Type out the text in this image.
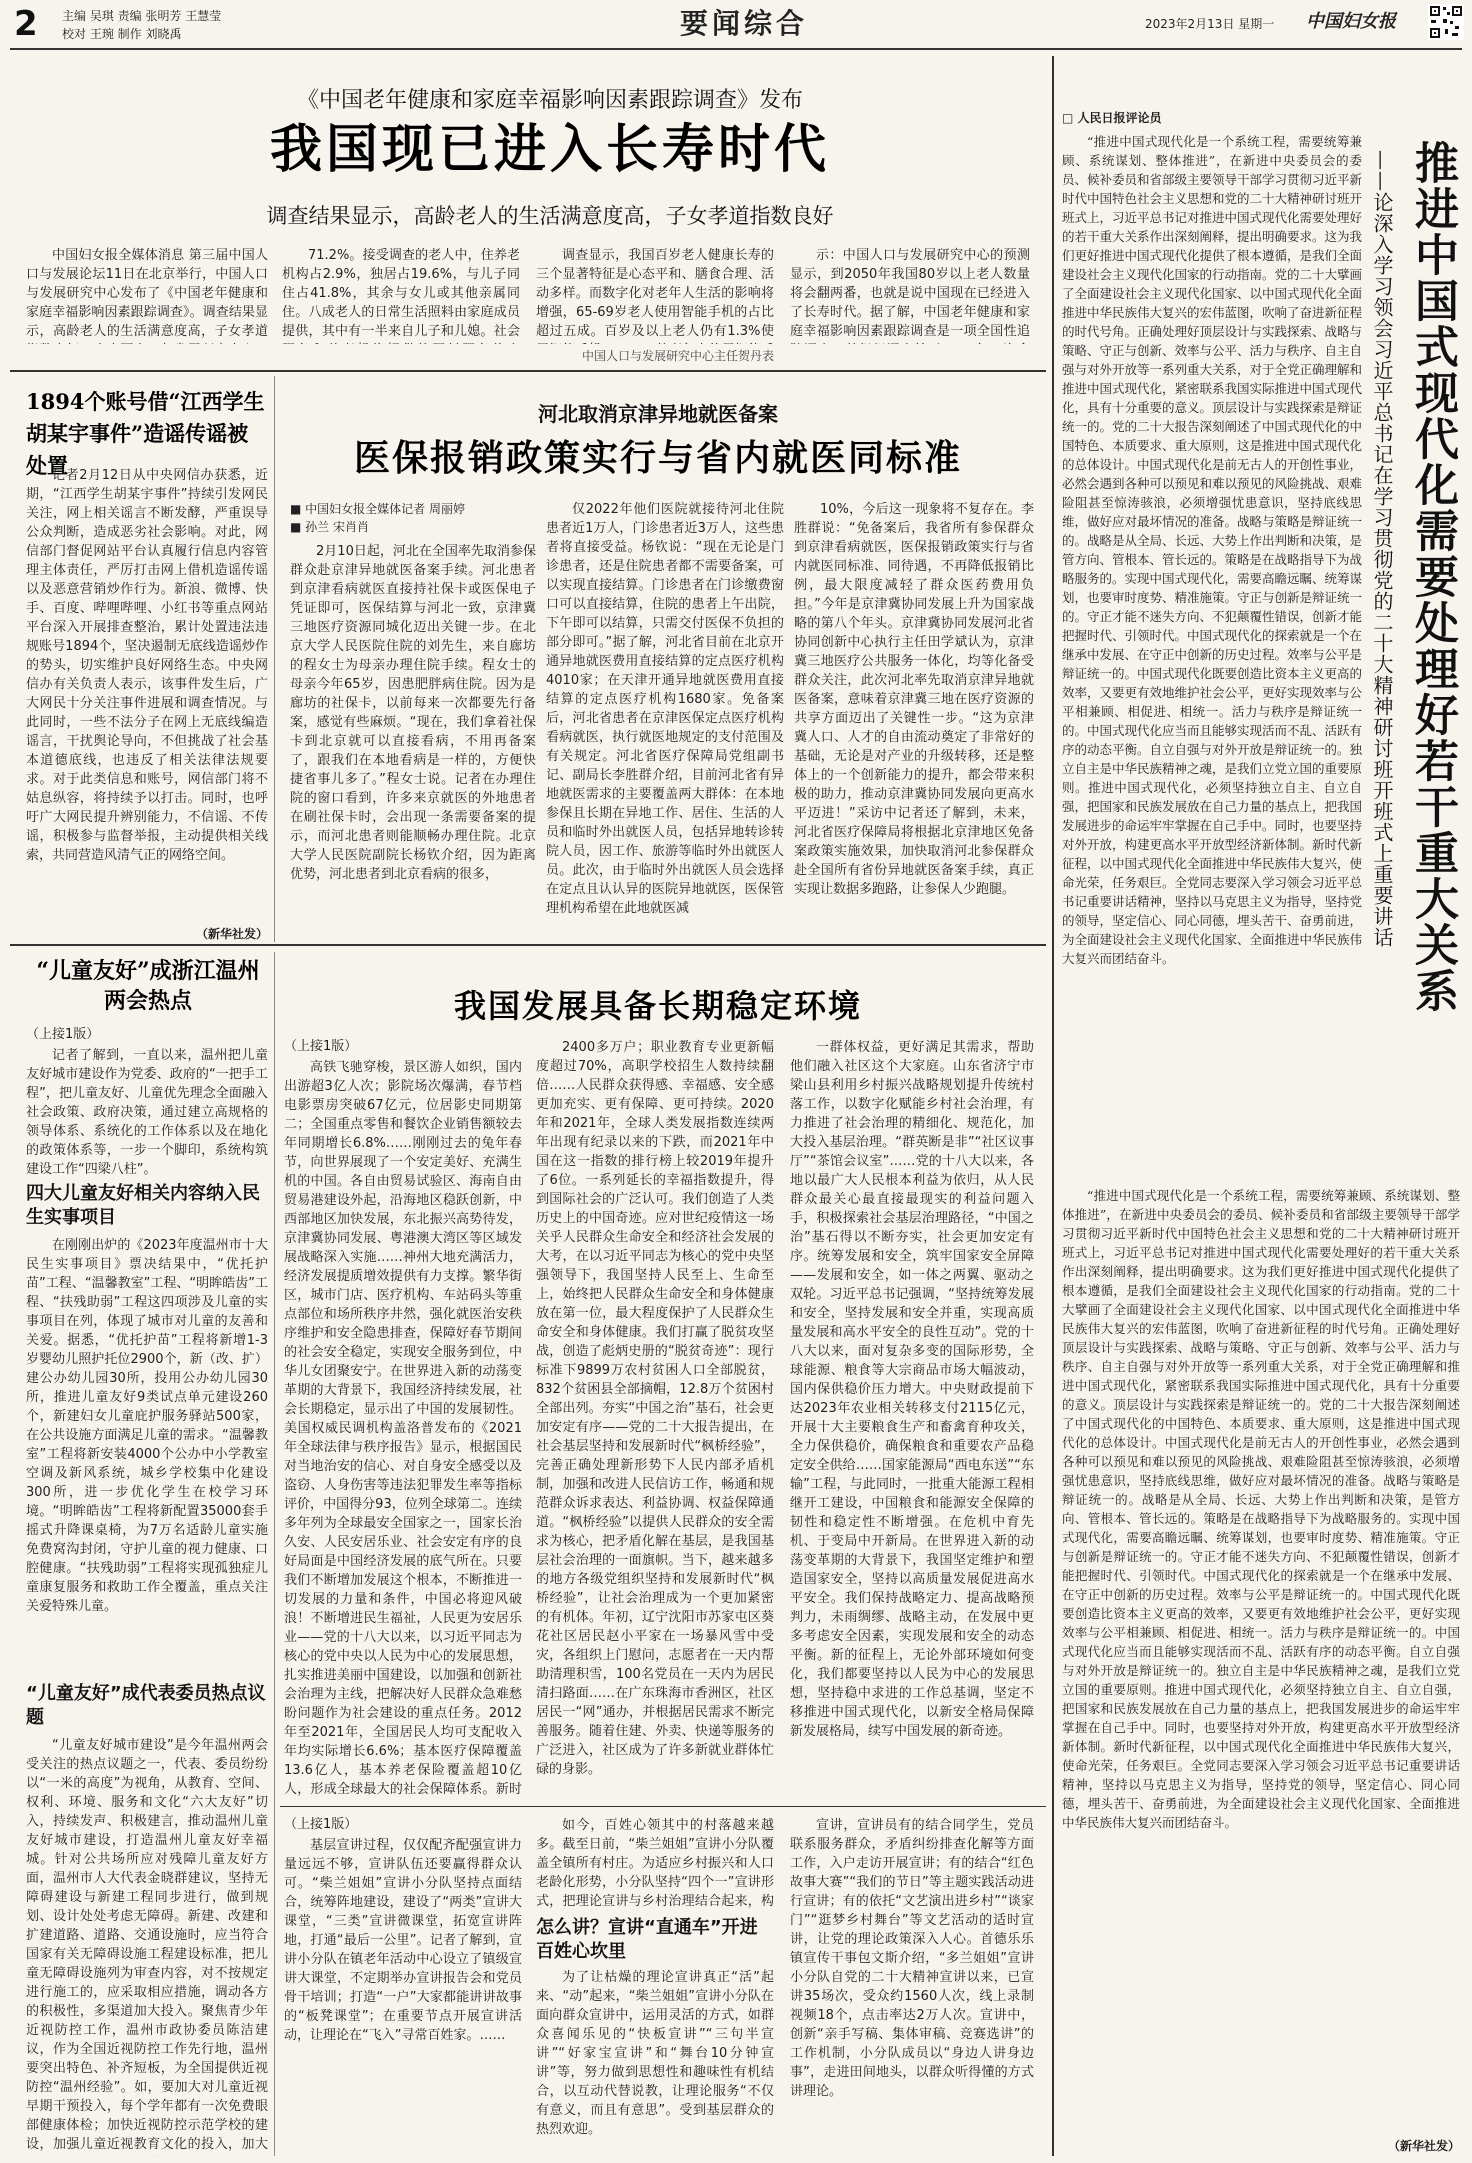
2	主编 吴琪 责编 张明芳 王慧莹
校对 王琬 制作 刘晓禹	要闻综合	2023年2月13日 星期一	中国妇女报
《中国老年健康和家庭幸福影响因素跟踪调查》发布
我国现已进入长寿时代
调查结果显示，高龄老人的生活满意度高，子女孝道指数良好

中国妇女报全媒体消息 第三届中国人口与发展论坛11日在北京举行，中国人口与发展研究中心发布了《中国老年健康和家庭幸福影响因素跟踪调查》。调查结果显示，高龄老人的生活满意度高，子女孝道

71.2%。接受调查的老人中，住养老机构占2.9%，独居占19.6%，与儿子同住占41.8%，其余与女儿或其他亲属同住。八成老人的日常生活照料由家庭成员提供，其中有一半来自儿子和儿媳。社会

调查显示，我国百岁老人健康长寿的三个显著特征是心态平和、膳食合理、活动多样。而数字化对老年人生活的影响将增强，65-69岁老人使用智能手机的占比超过五成。百岁及以上老人仍有1.3%使

示：中国人口与发展研究中心的预测显示，到2050年我国80岁以上老人数量将会翻两番，也就是说中国现在已经进入了长寿时代。据了解，中国老年健康和家庭幸福影响因素跟踪调查是一项全国性追

中国人口与发展研究中心主任贺丹表
1894个账号借“江西学生胡某宇事件”造谣传谣被处置

记者2月12日从中央网信办获悉，近期，“江西学生胡某宇事件”持续引发网民关注，网上相关谣言不断发酵，严重误导公众判断，造成恶劣社会影响。对此，网信部门督促网站平台认真履行信息内容管理主体责任，严厉打击网上借机造谣传谣以及恶意营销炒作行为。新浪、微博、快手、百度、哔哩哔哩、小红书等重点网站平台深入开展排查整治，累计处置违法违规账号1894个，坚决遏制无底线造谣炒作的势头，切实维护良好网络生态。中央网信办有关负责人表示，该事件发生后，广大网民十分关注事件进展和调查情况。与此同时，一些不法分子在网上无底线编造谣言，干扰舆论导向，不但挑战了社会基本道德底线，也违反了相关法律法规要求。对于此类信息和账号，网信部门将不姑息纵容，将持续予以打击。同时，也呼吁广大网民提升辨别能力，不信谣、不传谣，积极参与监督举报，主动提供相关线索，共同营造风清气正的网络空间。

（新华社发）
河北取消京津异地就医备案
医保报销政策实行与省内就医同标准
■ 中国妇女报全媒体记者 周丽婷
■ 孙兰 宋肖肖

2月10日起，河北在全国率先取消参保群众赴京津异地就医备案手续。河北患者到京津看病就医直接持社保卡或医保电子凭证即可，医保结算与河北一致，京津冀三地医疗资源同城化迈出关键一步。在北京大学人民医院住院的刘先生，来自廊坊的程女士为母亲办理住院手续。程女士的母亲今年65岁，因患肥胖病住院。因为是廊坊的社保卡，以前每来一次都要先行备案，感觉有些麻烦。“现在，我们拿着社保卡到北京就可以直接看病，不用再备案了，跟我们在本地看病是一样的，方便快捷省事儿多了。”程女士说。记者在办理住院的窗口看到，许多来京就医的外地患者在刷社保卡时，会出现一条需要备案的提示，而河北患者则能顺畅办理住院。北京大学人民医院副院长杨钦介绍，因为距离优势，河北患者到北京看病的很多，

仅2022年他们医院就接待河北住院患者近1万人，门诊患者近3万人，这些患者将直接受益。杨钦说：“现在无论是门诊患者，还是住院患者都不需要备案，可以实现直接结算。门诊患者在门诊缴费窗口可以直接结算，住院的患者上午出院，下午即可以结算，只需交付医保不负担的部分即可。”据了解，河北省目前在北京开通异地就医费用直接结算的定点医疗机构4010家；在天津开通异地就医费用直接结算的定点医疗机构1680家。免备案后，河北省患者在京津医保定点医疗机构看病就医，执行就医地规定的支付范围及有关规定。河北省医疗保障局党组副书记、副局长李胜群介绍，目前河北省有异地就医需求的主要覆盖两大群体：在本地参保且长期在异地工作、居住、生活的人员和临时外出就医人员，包括异地转诊转院人员，因工作、旅游等临时外出就医人员。此次，由于临时外出就医人员会选择在定点且认认异的医院异地就医，医保管理机构希望在此地就医减

10%，今后这一现象将不复存在。李胜群说：“免备案后，我省所有参保群众到京津看病就医，医保报销政策实行与省内就医同标准、同待遇，不再降低报销比例，最大限度减轻了群众医药费用负担。”今年是京津冀协同发展上升为国家战略的第八个年头。京津冀协同发展河北省协同创新中心执行主任田学斌认为，京津冀三地医疗公共服务一体化，均等化备受群众关注，此次河北率先取消京津异地就医备案，意味着京津冀三地在医疗资源的共享方面迈出了关键性一步。“这为京津冀人口、人才的自由流动奠定了非常好的基础，无论是对产业的升级转移，还是整体上的一个创新能力的提升，都会带来积极的助力，推动京津冀协同发展向更高水平迈进！”采访中记者还了解到，未来，河北省医疗保障局将根据北京津地区免备案政策实施效果，加快取消河北参保群众赴全国所有省份异地就医备案手续，真正实现让数据多跑路，让参保人少跑腿。

“儿童友好”成浙江温州两会热点
（上接1版）

记者了解到，一直以来，温州把儿童友好城市建设作为党委、政府的“一把手工程”，把儿童友好、儿童优先理念全面融入社会政策、政府决策，通过建立高规格的领导体系、系统化的工作体系以及在地化的政策体系等，一步一个脚印，系统构筑建设工作“四梁八柱”。

四大儿童友好相关内容纳入民生实事项目

在刚刚出炉的《2023年度温州市十大民生实事项目》票决结果中，“优托护苗”工程、“温馨教室”工程、“明眸皓齿”工程、“扶残助弱”工程这四项涉及儿童的实事项目在列，体现了城市对儿童的友善和关爱。据悉，“优托护苗”工程将新增1-3岁婴幼儿照护托位2900个，新（改、扩）建公办幼儿园30所，投用公办幼儿园30所，推进儿童友好9类试点单元建设260个，新建妇女儿童庇护服务驿站500家，在公共设施方面满足儿童的需求。“温馨教室”工程将新安装4000个公办中小学教室空调及新风系统，城乡学校集中化建设300所，进一步优化学生在校学习环境。“明眸皓齿”工程将新配置35000套手摇式升降课桌椅，为7万名适龄儿童实施免费窝沟封闭，守护儿童的视力健康、口腔健康。“扶残助弱”工程将实现孤独症儿童康复服务和救助工作全覆盖，重点关注关爱特殊儿童。

“儿童友好”成代表委员热点议题

“儿童友好城市建设”是今年温州两会受关注的热点议题之一，代表、委员纷纷以“一米的高度”为视角，从教育、空间、权利、环境、服务和文化“六大友好”切入，持续发声、积极建言，推动温州儿童友好城市建设，打造温州儿童友好幸福城。针对公共场所应对残障儿童友好方面，温州市人大代表金晓群建议，坚持无障碍建设与新建工程同步进行，做到规划、设计处处考虑无障碍。新建、改建和扩建道路、道路、交通设施时，应当符合国家有关无障碍设施工程建设标准，把儿童无障碍设施列为审查内容，对不按规定进行施工的，应采取相应措施，调动各方的积极性，多渠道加大投入。聚焦青少年近视防控工作，温州市政协委员陈洁建议，作为全国近视防控工作先行地，温州要突出特色、补齐短板，为全国提供近视防控“温州经验”。如，要加大对儿童近视早期干预投入，每个学年都有一次免费眼部健康体检；加快近视防控示范学校的建设，加强儿童近视教育文化的投入，加大

我国发展具备长期稳定环境
（上接1版）

高铁飞驰穿梭，景区游人如织，国内出游超3亿人次；影院场次爆满，春节档电影票房突破67亿元，位居影史同期第二；全国重点零售和餐饮企业销售额较去年同期增长6.8%……刚刚过去的兔年春节，向世界展现了一个安定美好、充满生机的中国。各自由贸易试验区、海南自由贸易港建设外起，沿海地区稳跃创新，中西部地区加快发展，东北振兴高势待发，京津冀协同发展、粤港澳大湾区等区域发展战略深入实施……神州大地充满活力，经济发展提质增效提供有力支撑。繁华街区，城市门店、医疗机构、车站码头等重点部位和场所秩序井然，强化就医治安秩序维护和安全隐患排查，保障好春节期间的社会安全稳定，实现安全服务到位，中华儿女团聚安宁。在世界进入新的动荡变革期的大背景下，我国经济持续发展，社会长期稳定，显示出了中国的发展韧性。美国权威民调机构盖洛普发布的《2021年全球法律与秩序报告》显示，根据国民对当地治安的信心、对自身安全感受以及盗窃、人身伤害等违法犯罪发生率等指标评价，中国得分93，位列全球第二。连续多年列为全球最安全国家之一，国家长治久安、人民安居乐业、社会安定有序的良好局面是中国经济发展的底气所在。只要我们不断增加发展这个根本，不断推进一切发展的力量和条件，中国必将迎风破浪！不断增进民生福祉，人民更为安居乐业——党的十八大以来，以习近平同志为核心的党中央以人民为中心的发展思想，扎实推进美丽中国建设，以加强和创新社会治理为主线，把解决好人民群众急难愁盼问题作为社会建设的重点任务。2012年至2021年，全国居民人均可支配收入年均实际增长6.6%；基本医疗保障覆盖13.6亿人，基本养老保险覆盖超10亿人，形成全球最大的社会保障体系。新时

2400多万户；职业教育专业更新幅度超过70%，高职学校招生人数持续翻倍……人民群众获得感、幸福感、安全感更加充实、更有保障、更可持续。2020年和2021年，全球人类发展指数连续两年出现有纪录以来的下跌，而2021年中国在这一指数的排行榜上较2019年提升了6位。一系列延长的幸福指数提升，得到国际社会的广泛认可。我们创造了人类历史上的中国奇迹。应对世纪疫情这一场关乎人民群众生命安全和经济社会发展的大考，在以习近平同志为核心的党中央坚强领导下，我国坚持人民至上、生命至上，始终把人民群众生命安全和身体健康放在第一位，最大程度保护了人民群众生命安全和身体健康。我们打赢了脱贫攻坚战，创造了彪炳史册的“脱贫奇迹”：现行标准下9899万农村贫困人口全部脱贫，832个贫困县全部摘帽，12.8万个贫困村全部出列。夯实“中国之治”基石，社会更加安定有序——党的二十大报告提出，在社会基层坚持和发展新时代“枫桥经验”，完善正确处理新形势下人民内部矛盾机制，加强和改进人民信访工作，畅通和规范群众诉求表达、利益协调、权益保障通道。“枫桥经验”以提供人民群众的安全需求为核心，把矛盾化解在基层，是我国基层社会治理的一面旗帜。当下，越来越多的地方各级党组织坚持和发展新时代“枫桥经验”，让社会治理成为一个更加紧密的有机体。年初，辽宁沈阳市苏家屯区葵花社区居民赵小平家在一场暴风雪中受灾，各组织上门慰问，志愿者在一天内帮助清理积雪，100名党员在一天内为居民清扫路面……在广东珠海市香洲区，社区居民一“网”通办，并根据居民需求不断完善服务。随着住建、外卖、快递等服务的广泛进入，社区成为了许多新就业群体忙碌的身影。

一群体权益，更好满足其需求，帮助他们融入社区这个大家庭。山东省济宁市梁山县利用乡村振兴战略规划提升传统村落工作，以数字化赋能乡村社会治理，有力推进了社会治理的精细化、规范化，加大投入基层治理。“群英断是非”“社区议事厅”“茶馆会议室”……党的十八大以来，各地以最广大人民根本利益为依归，从人民群众最关心最直接最现实的利益问题入手，积极探索社会基层治理路径，“中国之治”基石得以不断夯实，社会更加安定有序。统筹发展和安全，筑牢国家安全屏障——发展和安全，如一体之两翼、驱动之双轮。习近平总书记强调，“坚持统筹发展和安全，坚持发展和安全并重，实现高质量发展和高水平安全的良性互动”。党的十八大以来，面对复杂多变的国际形势，全球能源、粮食等大宗商品市场大幅波动，国内保供稳价压力增大。中央财政提前下达2023年农业相关转移支付2115亿元，开展十大主要粮食生产和畜禽育种攻关，全力保供稳价，确保粮食和重要农产品稳定安全供给……国家能源局“西电东送”“东输”工程，与此同时，一批重大能源工程相继开工建设，中国粮食和能源安全保障的韧性和稳定性不断增强。在危机中育先机、于变局中开新局。在世界进入新的动荡变革期的大背景下，我国坚定维护和塑造国家安全，坚持以高质量发展促进高水平安全。我们保持战略定力、提高战略预判力，未雨绸缪、战略主动，在发展中更多考虑安全因素，实现发展和安全的动态平衡。新的征程上，无论外部环境如何变化，我们都要坚持以人民为中心的发展思想，坚持稳中求进的工作总基调，坚定不移推进中国式现代化，以新安全格局保障新发展格局，续写中国发展的新奇迹。

（上接1版）

基层宣讲过程，仅仅配齐配强宣讲力量远远不够，宣讲队伍还要赢得群众认可。“柴兰姐姐”宣讲小分队坚持点面结合，统筹阵地建设，建设了“两类”宣讲大课堂，“三类”宣讲微课堂，拓宽宣讲阵地，打通“最后一公里”。记者了解到，宣讲小分队在镇老年活动中心设立了镇级宣讲大课堂，不定期举办宣讲报告会和党员骨干培训；打造“一户”大家都能讲讲故事的“板凳课堂”；在重要节点开展宣讲活动，让理论在“飞入”寻常百姓家。……

如今，百姓心领其中的村落越来越多。截至日前，“柴兰姐姐”宣讲小分队覆盖全镇所有村庄。为适应乡村振兴和人口老龄化形势，小分队坚持“四个一”宣讲形式，把理论宣讲与乡村治理结合起来，构

怎么讲？宣讲“直通车”开进百姓心坎里

为了让枯燥的理论宣讲真正“活”起来、“动”起来，“柴兰姐姐”宣讲小分队在面向群众宣讲中，运用灵活的方式，如群众喜闻乐见的“快板宣讲”“三句半宣讲”“好家宝宣讲”和“舞台10分钟宣讲”等，努力做到思想性和趣味性有机结合，以互动代替说教，让理论服务“不仅有意义，而且有意思”。受到基层群众的热烈欢迎。

宣讲，宣讲员有的结合同学生，党员联系服务群众，矛盾纠纷排查化解等方面工作，入户走访开展宣讲；有的结合“红色故事大赛”“我们的节日”等主题实践活动进行宣讲；有的依托“文艺演出进乡村”“谈家门”“逛梦乡村舞台”等文艺活动的适时宣讲，让党的理论政策深入人心。首德乐乐镇宣传干事包文斯介绍，“多兰姐姐”宣讲小分队自党的二十大精神宣讲以来，已宣讲35场次，受众约1560人次，线上录制视频18个，点击率达2万人次。宣讲中，创新“亲手写稿、集体审稿、竞赛选讲”的工作机制，小分队成员以“身边人讲身边事”，走进田间地头，以群众听得懂的方式讲理论。

□ 人民日报评论员
推进中国式现代化需要处理好若干重大关系
——论深入学习领会习近平总书记在学习贯彻党的二十大精神研讨班开班式上重要讲话

“推进中国式现代化是一个系统工程，需要统筹兼顾、系统谋划、整体推进”，在新进中央委员会的委员、候补委员和省部级主要领导干部学习贯彻习近平新时代中国特色社会主义思想和党的二十大精神研讨班开班式上，习近平总书记对推进中国式现代化需要处理好的若干重大关系作出深刻阐释，提出明确要求。这为我们更好推进中国式现代化提供了根本遵循，是我们全面建设社会主义现代化国家的行动指南。党的二十大擘画了全面建设社会主义现代化国家、以中国式现代化全面推进中华民族伟大复兴的宏伟蓝图，吹响了奋进新征程的时代号角。正确处理好顶层设计与实践探索、战略与策略、守正与创新、效率与公平、活力与秩序、自主自强与对外开放等一系列重大关系，对于全党正确理解和推进中国式现代化，紧密联系我国实际推进中国式现代化，具有十分重要的意义。顶层设计与实践探索是辩证统一的。党的二十大报告深刻阐述了中国式现代化的中国特色、本质要求、重大原则，这是推进中国式现代化的总体设计。中国式现代化是前无古人的开创性事业，必然会遇到各种可以预见和难以预见的风险挑战、艰难险阻甚至惊涛骇浪，必须增强忧患意识，坚持底线思维，做好应对最坏情况的准备。战略与策略是辩证统一的。战略是从全局、长远、大势上作出判断和决策，是管方向、管根本、管长远的。策略是在战略指导下为战略服务的。实现中国式现代化，需要高瞻远瞩、统筹谋划，也要审时度势、精准施策。守正与创新是辩证统一的。守正才能不迷失方向、不犯颠覆性错误，创新才能把握时代、引领时代。中国式现代化的探索就是一个在继承中发展、在守正中创新的历史过程。效率与公平是辩证统一的。中国式现代化既要创造比资本主义更高的效率，又要更有效地维护社会公平，更好实现效率与公平相兼顾、相促进、相统一。活力与秩序是辩证统一的。中国式现代化应当而且能够实现活而不乱、活跃有序的动态平衡。自立自强与对外开放是辩证统一的。独立自主是中华民族精神之魂，是我们立党立国的重要原则。推进中国式现代化，必须坚持独立自主、自立自强，把国家和民族发展放在自己力量的基点上，把我国发展进步的命运牢牢掌握在自己手中。同时，也要坚持对外开放，构建更高水平开放型经济新体制。新时代新征程，以中国式现代化全面推进中华民族伟大复兴，使命光荣，任务艰巨。全党同志要深入学习领会习近平总书记重要讲话精神，坚持以马克思主义为指导，坚持党的领导，坚定信心、同心同德，埋头苦干、奋勇前进，为全面建设社会主义现代化国家、全面推进中华民族伟大复兴而团结奋斗。

“推进中国式现代化是一个系统工程，需要统筹兼顾、系统谋划、整体推进”，在新进中央委员会的委员、候补委员和省部级主要领导干部学习贯彻习近平新时代中国特色社会主义思想和党的二十大精神研讨班开班式上，习近平总书记对推进中国式现代化需要处理好的若干重大关系作出深刻阐释，提出明确要求。这为我们更好推进中国式现代化提供了根本遵循，是我们全面建设社会主义现代化国家的行动指南。党的二十大擘画了全面建设社会主义现代化国家、以中国式现代化全面推进中华民族伟大复兴的宏伟蓝图，吹响了奋进新征程的时代号角。正确处理好顶层设计与实践探索、战略与策略、守正与创新、效率与公平、活力与秩序、自主自强与对外开放等一系列重大关系，对于全党正确理解和推进中国式现代化，紧密联系我国实际推进中国式现代化，具有十分重要的意义。顶层设计与实践探索是辩证统一的。党的二十大报告深刻阐述了中国式现代化的中国特色、本质要求、重大原则，这是推进中国式现代化的总体设计。中国式现代化是前无古人的开创性事业，必然会遇到各种可以预见和难以预见的风险挑战、艰难险阻甚至惊涛骇浪，必须增强忧患意识，坚持底线思维，做好应对最坏情况的准备。战略与策略是辩证统一的。战略是从全局、长远、大势上作出判断和决策，是管方向、管根本、管长远的。策略是在战略指导下为战略服务的。实现中国式现代化，需要高瞻远瞩、统筹谋划，也要审时度势、精准施策。守正与创新是辩证统一的。守正才能不迷失方向、不犯颠覆性错误，创新才能把握时代、引领时代。中国式现代化的探索就是一个在继承中发展、在守正中创新的历史过程。效率与公平是辩证统一的。中国式现代化既要创造比资本主义更高的效率，又要更有效地维护社会公平，更好实现效率与公平相兼顾、相促进、相统一。活力与秩序是辩证统一的。中国式现代化应当而且能够实现活而不乱、活跃有序的动态平衡。自立自强与对外开放是辩证统一的。独立自主是中华民族精神之魂，是我们立党立国的重要原则。推进中国式现代化，必须坚持独立自主、自立自强，把国家和民族发展放在自己力量的基点上，把我国发展进步的命运牢牢掌握在自己手中。同时，也要坚持对外开放，构建更高水平开放型经济新体制。新时代新征程，以中国式现代化全面推进中华民族伟大复兴，使命光荣，任务艰巨。全党同志要深入学习领会习近平总书记重要讲话精神，坚持以马克思主义为指导，坚持党的领导，坚定信心、同心同德，埋头苦干、奋勇前进，为全面建设社会主义现代化国家、全面推进中华民族伟大复兴而团结奋斗。

（新华社发）
